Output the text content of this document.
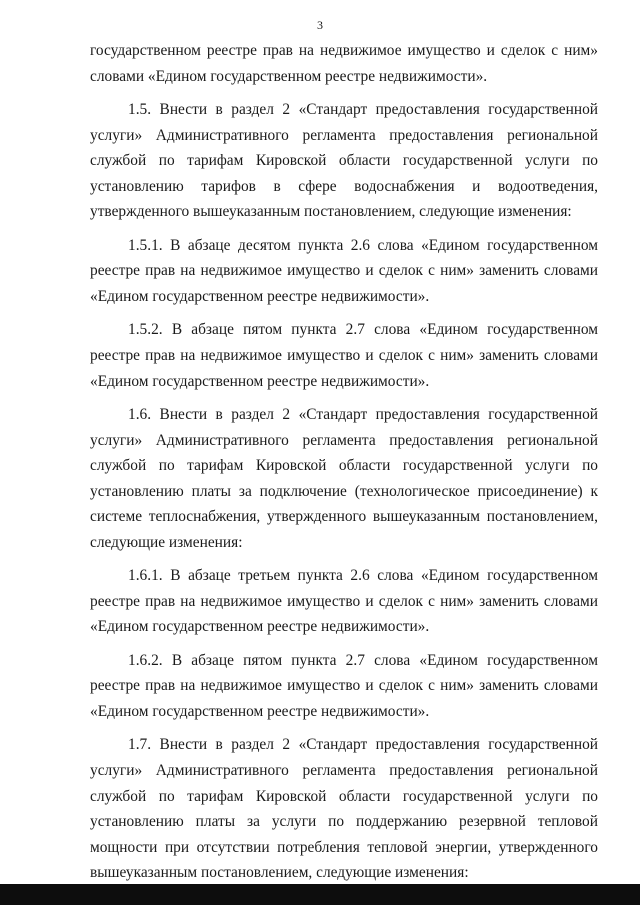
3

государственном реестре прав на недвижимое имущество и сделок с ним» словами «Едином государственном реестре недвижимости».

1.5. Внести в раздел 2 «Стандарт предоставления государственной услуги» Административного регламента предоставления региональной службой по тарифам Кировской области государственной услуги по установлению тарифов в сфере водоснабжения и водоотведения, утвержденного вышеуказанным постановлением, следующие изменения:

1.5.1. В абзаце десятом пункта 2.6 слова «Едином государственном реестре прав на недвижимое имущество и сделок с ним» заменить словами «Едином государственном реестре недвижимости».

1.5.2. В абзаце пятом пункта 2.7 слова «Едином государственном реестре прав на недвижимое имущество и сделок с ним» заменить словами «Едином государственном реестре недвижимости».

1.6. Внести в раздел 2 «Стандарт предоставления государственной услуги» Административного регламента предоставления региональной службой по тарифам Кировской области государственной услуги по установлению платы за подключение (технологическое присоединение) к системе теплоснабжения, утвержденного вышеуказанным постановлением, следующие изменения:

1.6.1. В абзаце третьем пункта 2.6 слова «Едином государственном реестре прав на недвижимое имущество и сделок с ним» заменить словами «Едином государственном реестре недвижимости».

1.6.2. В абзаце пятом пункта 2.7 слова «Едином государственном реестре прав на недвижимое имущество и сделок с ним» заменить словами «Едином государственном реестре недвижимости».

1.7. Внести в раздел 2 «Стандарт предоставления государственной услуги» Административного регламента предоставления региональной службой по тарифам Кировской области государственной услуги по установлению платы за услуги по поддержанию резервной тепловой мощности при отсутствии потребления тепловой энергии, утвержденного вышеуказанным постановлением, следующие изменения:
